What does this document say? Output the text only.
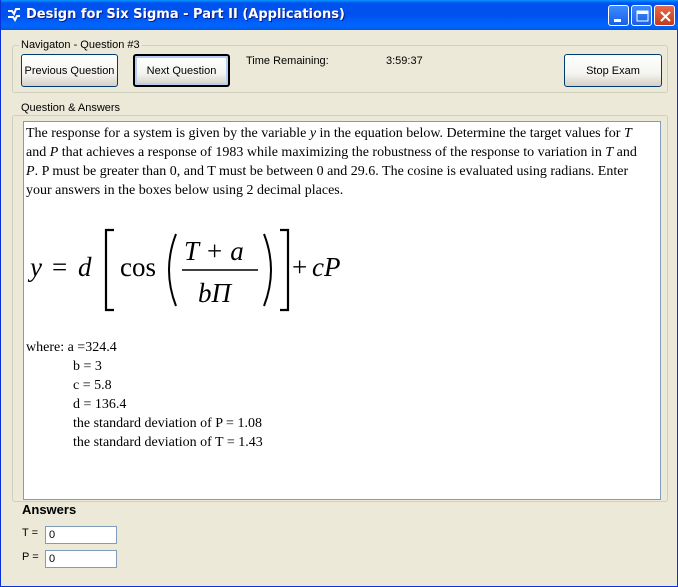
Design for Six Sigma - Part II (Applications)
Navigaton - Question #3
Previous Question	Next Question
Time Remaining:	3:59:37
Stop Exam
Question & Answers
The response for a system is given by the variable y in the equation below. Determine the target values for T and P that achieves a response of 1983 while maximizing the robustness of the response to variation in T and P. P must be greater than 0, and T must be between 0 and 29.6. The cosine is evaluated using radians. Enter your answers in the boxes below using 2 decimal places.
y = d cos
T + a
bΠ
+ cP
where: a =324.4
b = 3
c = 5.8
d = 136.4
the standard deviation of P = 1.08
the standard deviation of T = 1.43
Answers
T =
0
P =
0
